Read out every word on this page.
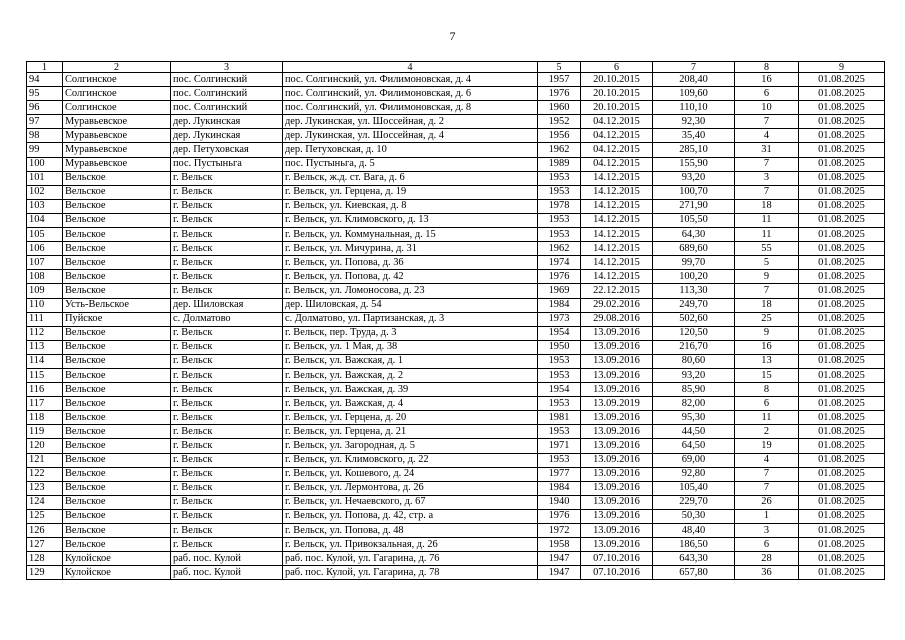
7
1	2	3	4	5	6	7	8	9
94	Солгинское	пос. Солгинский	пос. Солгинский, ул. Филимоновская, д. 4	1957	20.10.2015	208,40	16	01.08.2025
95	Солгинское	пос. Солгинский	пос. Солгинский, ул. Филимоновская, д. 6	1976	20.10.2015	109,60	6	01.08.2025
96	Солгинское	пос. Солгинский	пос. Солгинский, ул. Филимоновская, д. 8	1960	20.10.2015	110,10	10	01.08.2025
97	Муравьевское	дер. Лукинская	дер. Лукинская, ул. Шоссейная, д. 2	1952	04.12.2015	92,30	7	01.08.2025
98	Муравьевское	дер. Лукинская	дер. Лукинская, ул. Шоссейная, д. 4	1956	04.12.2015	35,40	4	01.08.2025
99	Муравьевское	дер. Петуховская	дер. Петуховская, д. 10	1962	04.12.2015	285,10	31	01.08.2025
100	Муравьевское	пос. Пустыньга	пос. Пустыньга, д. 5	1989	04.12.2015	155,90	7	01.08.2025
101	Вельское	г. Вельск	г. Вельск, ж.д. ст. Вага, д. 6	1953	14.12.2015	93,20	3	01.08.2025
102	Вельское	г. Вельск	г. Вельск, ул. Герцена, д. 19	1953	14.12.2015	100,70	7	01.08.2025
103	Вельское	г. Вельск	г. Вельск, ул. Киевская, д. 8	1978	14.12.2015	271,90	18	01.08.2025
104	Вельское	г. Вельск	г. Вельск, ул. Климовского, д. 13	1953	14.12.2015	105,50	11	01.08.2025
105	Вельское	г. Вельск	г. Вельск, ул. Коммунальная, д. 15	1953	14.12.2015	64,30	11	01.08.2025
106	Вельское	г. Вельск	г. Вельск, ул. Мичурина, д. 31	1962	14.12.2015	689,60	55	01.08.2025
107	Вельское	г. Вельск	г. Вельск, ул. Попова, д. 36	1974	14.12.2015	99,70	5	01.08.2025
108	Вельское	г. Вельск	г. Вельск, ул. Попова, д. 42	1976	14.12.2015	100,20	9	01.08.2025
109	Вельское	г. Вельск	г. Вельск, ул. Ломоносова, д. 23	1969	22.12.2015	113,30	7	01.08.2025
110	Усть-Вельское	дер. Шиловская	дер. Шиловская, д. 54	1984	29.02.2016	249,70	18	01.08.2025
111	Пуйское	с. Долматово	с. Долматово, ул. Партизанская, д. 3	1973	29.08.2016	502,60	25	01.08.2025
112	Вельское	г. Вельск	г. Вельск, пер. Труда, д. 3	1954	13.09.2016	120,50	9	01.08.2025
113	Вельское	г. Вельск	г. Вельск, ул. 1 Мая, д. 38	1950	13.09.2016	216,70	16	01.08.2025
114	Вельское	г. Вельск	г. Вельск, ул. Важская, д. 1	1953	13.09.2016	80,60	13	01.08.2025
115	Вельское	г. Вельск	г. Вельск, ул. Важская, д. 2	1953	13.09.2016	93,20	15	01.08.2025
116	Вельское	г. Вельск	г. Вельск, ул. Важская, д. 39	1954	13.09.2016	85,90	8	01.08.2025
117	Вельское	г. Вельск	г. Вельск, ул. Важская, д. 4	1953	13.09.2019	82,00	6	01.08.2025
118	Вельское	г. Вельск	г. Вельск, ул. Герцена, д. 20	1981	13.09.2016	95,30	11	01.08.2025
119	Вельское	г. Вельск	г. Вельск, ул. Герцена, д. 21	1953	13.09.2016	44,50	2	01.08.2025
120	Вельское	г. Вельск	г. Вельск, ул. Загородная, д. 5	1971	13.09.2016	64,50	19	01.08.2025
121	Вельское	г. Вельск	г. Вельск, ул. Климовского, д. 22	1953	13.09.2016	69,00	4	01.08.2025
122	Вельское	г. Вельск	г. Вельск, ул. Кошевого, д. 24	1977	13.09.2016	92,80	7	01.08.2025
123	Вельское	г. Вельск	г. Вельск, ул. Лермонтова, д. 26	1984	13.09.2016	105,40	7	01.08.2025
124	Вельское	г. Вельск	г. Вельск, ул. Нечаевского, д. 67	1940	13.09.2016	229,70	26	01.08.2025
125	Вельское	г. Вельск	г. Вельск, ул. Попова, д. 42, стр. а	1976	13.09.2016	50,30	1	01.08.2025
126	Вельское	г. Вельск	г. Вельск, ул. Попова, д. 48	1972	13.09.2016	48,40	3	01.08.2025
127	Вельское	г. Вельск	г. Вельск, ул. Привокзальная, д. 26	1958	13.09.2016	186,50	6	01.08.2025
128	Кулойское	раб. пос. Кулой	раб. пос. Кулой, ул. Гагарина, д. 76	1947	07.10.2016	643,30	28	01.08.2025
129	Кулойское	раб. пос. Кулой	раб. пос. Кулой, ул. Гагарина, д. 78	1947	07.10.2016	657,80	36	01.08.2025
